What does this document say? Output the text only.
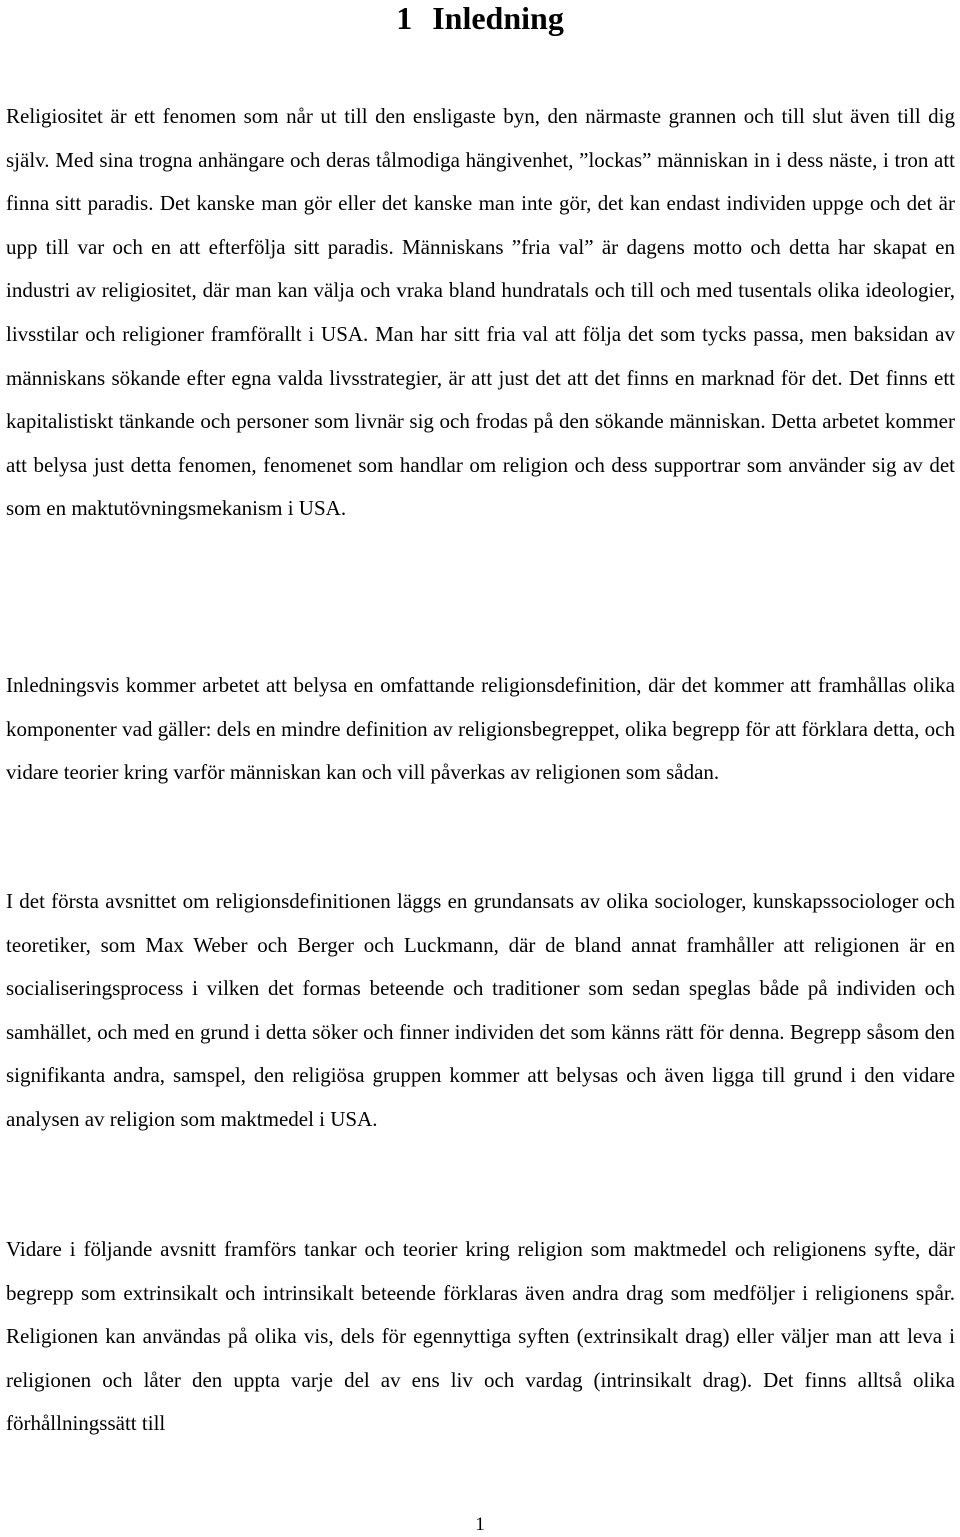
1 Inledning

Religiositet är ett fenomen som når ut till den ensligaste byn, den närmaste grannen och till slut även till dig själv. Med sina trogna anhängare och deras tålmodiga hängivenhet, ”lockas” människan in i dess näste, i tron att finna sitt paradis. Det kanske man gör eller det kanske man inte gör, det kan endast individen uppge och det är upp till var och en att efterfölja sitt paradis. Människans ”fria val” är dagens motto och detta har skapat en industri av religiositet, där man kan välja och vraka bland hundratals och till och med tusentals olika ideologier, livsstilar och religioner framförallt i USA. Man har sitt fria val att följa det som tycks passa, men baksidan av människans sökande efter egna valda livsstrategier, är att just det att det finns en marknad för det. Det finns ett kapitalistiskt tänkande och personer som livnär sig och frodas på den sökande människan. Detta arbetet kommer att belysa just detta fenomen, fenomenet som handlar om religion och dess supportrar som använder sig av det som en maktutövningsmekanism i USA.

Inledningsvis kommer arbetet att belysa en omfattande religionsdefinition, där det kommer att framhållas olika komponenter vad gäller: dels en mindre definition av religionsbegreppet, olika begrepp för att förklara detta, och vidare teorier kring varför människan kan och vill påverkas av religionen som sådan.

I det första avsnittet om religionsdefinitionen läggs en grundansats av olika sociologer, kunskapssociologer och teoretiker, som Max Weber och Berger och Luckmann, där de bland annat framhåller att religionen är en socialiseringsprocess i vilken det formas beteende och traditioner som sedan speglas både på individen och samhället, och med en grund i detta söker och finner individen det som känns rätt för denna. Begrepp såsom den signifikanta andra, samspel, den religiösa gruppen kommer att belysas och även ligga till grund i den vidare analysen av religion som maktmedel i USA.

Vidare i följande avsnitt framförs tankar och teorier kring religion som maktmedel och religionens syfte, där begrepp som extrinsikalt och intrinsikalt beteende förklaras även andra drag som medföljer i religionens spår. Religionen kan användas på olika vis, dels för egennyttiga syften (extrinsikalt drag) eller väljer man att leva i religionen och låter den uppta varje del av ens liv och vardag (intrinsikalt drag). Det finns alltså olika förhållningssätt till

1
